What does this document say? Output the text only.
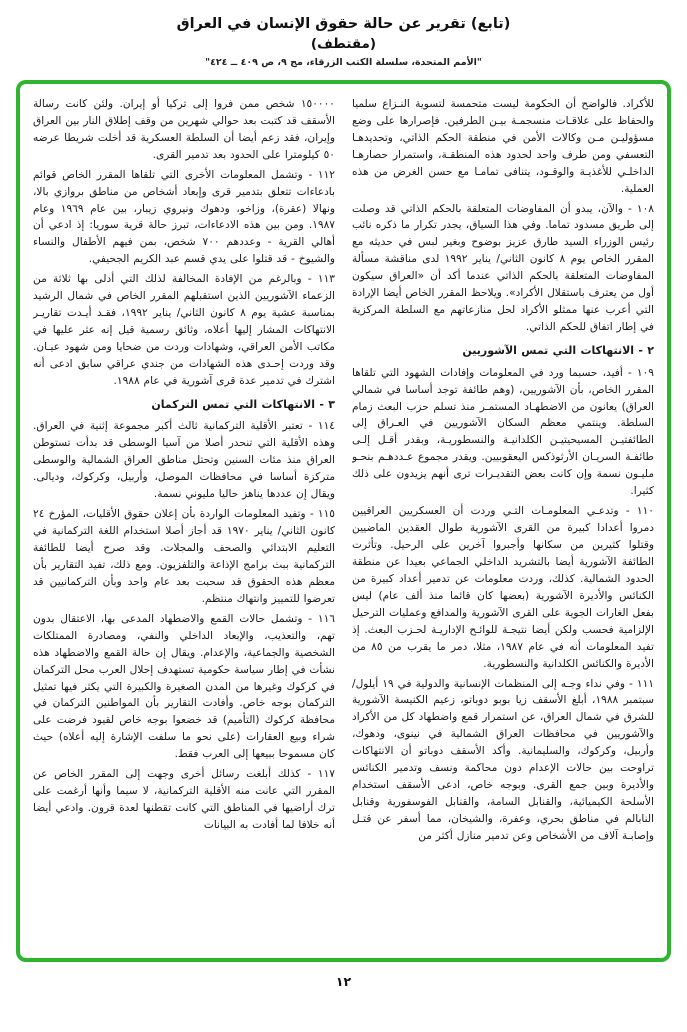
(تابع) تقرير عن حالة حقوق الإنسان في العراق
(مقتطف)
"الأمم المتحدة، سلسلة الكتب الزرقاء، مج ٩، ص ٤٠٩ ــ ٤٢٤"

للأكراد. فالواضح أن الحكومة ليست متحمسة لتسوية النـزاع سلميا والحفاظ على علاقـات منسجمـة بيـن الطرفين. فإصرارها على وضع مسؤوليـن مـن وكالات الأمن في منطقة الحكم الذاتي، وتحديدهـا التعسفي ومن طرف واحد لحدود هذه المنطقـة، واستمرار حصارهـا الداخلـي للأغذيـة والوقـود، يتنافى تمامـا مع حسن الغرض من هذه العملية.

١٠٨ - والآن، يبدو أن المفاوضات المتعلقة بالحكم الذاتي قد وصلت إلى طريق مسدود تماما. وفي هذا السياق، يجدر تكرار ما ذكره نائب رئيس الوزراء السيد طارق عزيز بوضوح وبغير لبس في حديثه مع المقرر الخاص يوم ٨ كانون الثاني/ يناير ١٩٩٢ لدى مناقشة مسألة المفاوضات المتعلقة بالحكم الذاتي عندما أكد أن «العراق سيكون أول من يعترف باستقلال الأكراد». ويلاحظ المقرر الخاص أيضا الإرادة التي أعرب عنها ممثلو الأكراد لحل منازعاتهم مع السلطة المركزية في إطار اتفاق للحكم الذاتي.

٢ - الانتهاكات التي تمس الآشوريين

١٠٩ - أفيد، حسبما ورد في المعلومات وإفادات الشهود التي تلقاها المقرر الخاص، بأن الآشوريين، (وهم طائفة توجد أساسا في شمالي العراق) يعانون من الاضطهـاد المستمـر منذ تسلم حزب البعث زمام السلطة. وينتمي معظم السكان الآشوريين في العـراق إلى الطائفتيـن المسيحيتيـن الكلدانيـة والنسطوريـة، وبقدر أقـل إلـى طائفـة السريـان الأرثوذكس اليعقوبيين. ويقدر مجموع عـددهـم بنحـو مليـون نسمة وإن كانت بعض التقديـرات ترى أنهم يزيدون على ذلك كثيرا.

١١٠ - وتدعـي المعلومـات التـي وردت أن العسكريين العراقيين دمروا أعدادا كبيرة من القرى الآشورية طوال العقدين الماضيين وقتلوا كثيرين من سكانها وأجبروا آخرين على الرحيل. وتأثرت الطائفة الآشورية أيضا بالتشريد الداخلي الجماعي بعيدا عن منطقة الحدود الشمالية. كذلك، وردت معلومات عن تدمير أعداد كبيرة من الكنائس والأديرة الآشورية (بعضها كان قائما منذ ألف عام) ليس بفعل الغارات الجوية على القرى الآشورية والمدافع وعمليات الترحيل الإلزامية فحسب ولكن أيضا نتيجـة للوائـح الإداريـة لحـزب البعث. إذ تفيد المعلومات أنه في عام ١٩٨٧، مثلا، دمر ما يقرب من ٨٥ من الأديرة والكنائس الكلدانية والنسطورية.

١١١ - وفي نداء وجـه إلى المنظمات الإنسانية والدولية في ١٩ أيلول/ سبتمبر ١٩٨٨، أبلغ الأسقف زيا بوبو دوباتو، زعيم الكنيسة الآشورية للشرق في شمال العراق، عن استمرار قمع واضطهاد كل من الأكراد والآشوريين في محافظات العراق الشمالية في نينوى، ودهوك، وأربيل، وكركوك، والسليمانية. وأكد الأسقف دوباتو أن الانتهاكات تراوحت بين حالات الإعدام دون محاكمة ونسف وتدمير الكنائس والأديرة وبين جمع القرى. وبوجه خاص، ادعى الأسقف استخدام الأسلحة الكيميائية، والقنابل السامة، والقنابل الفوسفورية وقنابل النابالم في مناطق بحري، وعفرة، والشيخان، مما أسفر عن قتـل وإصابـة آلاف من الأشخاص وعن تدمير منازل أكثر من

١٥٠٠٠٠ شخص ممن فروا إلى تركيا أو إيران. ولئن كانت رسالة الأسقف قد كتبت بعد حوالي شهرين من وقف إطلاق النار بين العراق وإيران، فقد زعم أيضا أن السلطة العسكرية قد أخلت شريطا عرضه ٥٠ كيلومترا على الحدود بعد تدمير القرى.

١١٢ - وتشمل المعلومات الأخرى التي تلقاها المقرر الخاص قوائم بادعاءات تتعلق بتدمير قرى وإبعاد أشخاص من مناطق بروازي بالا، ونهالا (عقرة)، وزاخو، ودهوك ونيروي زيبار، بين عام ١٩٦٩ وعام ١٩٨٧. ومن بين هذه الادعاءات، تبرز حالة قرية سوريا: إذ ادعي أن أهالي القرية - وعددهم ٧٠٠ شخص، بمن فيهم الأطفال والنساء والشيوخ - قد قتلوا على يدي قسم عبد الكريم الجحيفي.

١١٣ - وبالرغم من الإفادة المخالفة لذلك التي أدلى بها ثلاثة من الزعماء الآشوريين الذين استقبلهم المقرر الخاص في شمال الرشيد بمناسبة عشية يوم ٨ كانون الثاني/ يناير ١٩٩٢، فقـد أيـدت تقاريـر الانتهاكات المشار إليها أعلاه، وثائق رسمية قيل إنه عثر عليها في مكاتب الأمن العراقي، وشهادات وردت من ضحايا ومن شهود عيـان. وقد وردت إحـدى هذه الشهادات من جندي عراقي سابق ادعى أنه اشترك في تدمير عدة قرى آشورية في عام ١٩٨٨.

٣ - الانتهاكات التي تمس التركمان

١١٤ - تعتبر الأقلية التركمانية ثالث أكبر مجموعة إثنية في العراق. وهذه الأقلية التي تنحدر أصلا من آسيا الوسطى قد بدأت تستوطن العراق منذ مئات السنين وتحتل مناطق العراق الشمالية والوسطى متركزة أساسا في محافظات الموصل، وأربيل، وكركوك، وديالى. ويقال إن عددها يناهز حاليا مليوني نسمة.

١١٥ - وتفيد المعلومات الواردة بأن إعلان حقوق الأقليات، المؤرخ ٢٤ كانون الثاني/ يناير ١٩٧٠ قد أجاز أصلا استخدام اللغة التركمانية في التعليم الابتدائي والصحف والمجلات. وقد صرح أيضا للطائفة التركمانية ببث برامج الإذاعة والتلفزيون. ومع ذلك، تفيد التقارير بأن معظم هذه الحقوق قد سحبت بعد عام واحد وبأن التركمانيين قد تعرضوا للتمييز وانتهاك منتظم.

١١٦ - وتشمل حالات القمع والاضطهاد المدعى بها، الاعتقال بدون تهم، والتعذيب، والإبعاد الداخلي والنفي، ومصادرة الممتلكات الشخصية والجماعية، والإعدام. ويقال إن حالة القمع والاضطهاد هذه نشأت في إطار سياسة حكومية تستهدف إحلال العرب محل التركمان في كركوك وغيرها من المدن الصغيرة والكبيرة التي يكثر فيها تمثيل التركمان بوجه خاص. وأفادت التقارير بأن المواطنين التركمان في محافظة كركوك (التأميم) قد خضعوا بوجه خاص لقيود فرضت على شراء وبيع العقارات (على نحو ما سلفت الإشارة إليه أعلاه) حيث كان مسموحا ببيعها إلى العرب فقط.

١١٧ - كذلك أبلغت رسائل أخرى وجهت إلى المقرر الخاص عن المقرر التي عانت منه الأقلية التركمانية، لا سيما وأنها أرغمت على ترك أراضيها في المناطق التي كانت تقطنها لعدة قرون. وادعي أيضا أنه خلافا لما أفادت به البيانات

١٢
